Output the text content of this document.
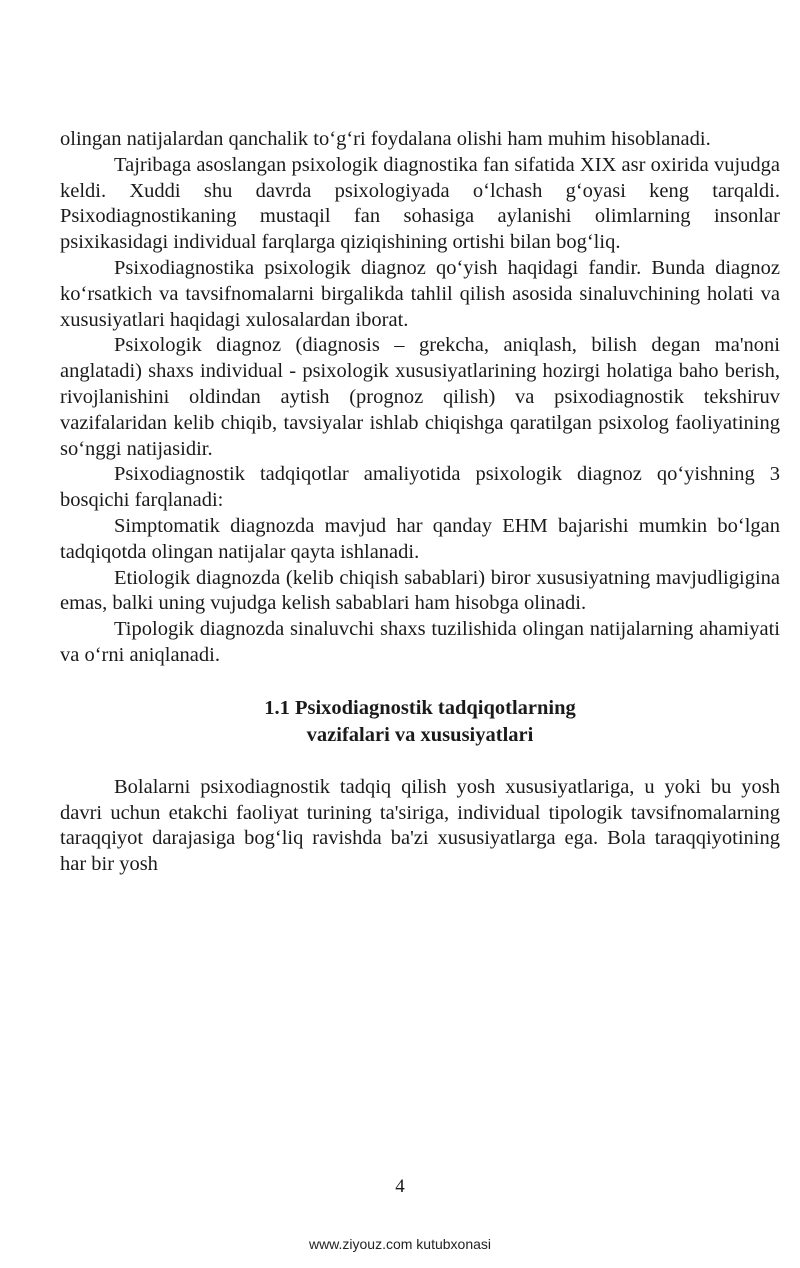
olingan natijalardan qanchalik to‘g‘ri foydalana olishi ham muhim hisoblanadi.

Tajribaga asoslangan psixologik diagnostika fan sifatida XIX asr oxirida vujudga keldi. Xuddi shu davrda psixologiyada o‘lchash g‘oyasi keng tarqaldi. Psixodiagnostikaning mustaqil fan sohasiga aylanishi olimlarning insonlar psixikasidagi individual farqlarga qiziqishining ortishi bilan bog‘liq.

Psixodiagnostika psixologik diagnoz qo‘yish haqidagi fandir. Bunda diagnoz ko‘rsatkich va tavsifnomalarni birgalikda tahlil qilish asosida sinaluvchining holati va xususiyatlari haqidagi xulosalardan iborat.

Psixologik diagnoz (diagnosis – grekcha, aniqlash, bilish degan ma'noni anglatadi) shaxs individual - psixologik xususiyatlarining hozirgi holatiga baho berish, rivojlanishini oldindan aytish (prognoz qilish) va psixodiagnostik tekshiruv vazifalaridan kelib chiqib, tavsiyalar ishlab chiqishga qaratilgan psixolog faoliyatining so‘nggi natijasidir.

Psixodiagnostik tadqiqotlar amaliyotida psixologik diagnoz qo‘yishning 3 bosqichi farqlanadi:

Simptomatik diagnozda mavjud har qanday EHM bajarishi mumkin bo‘lgan tadqiqotda olingan natijalar qayta ishlanadi.

Etiologik diagnozda (kelib chiqish sabablari) biror xususiyatning mavjudligigina emas, balki uning vujudga kelish sabablari ham hisobga olinadi.

Tipologik diagnozda sinaluvchi shaxs tuzilishida olingan natijalarning ahamiyati va o‘rni aniqlanadi.

1.1 Psixodiagnostik tadqiqotlarning
vazifalari va xususiyatlari

Bolalarni psixodiagnostik tadqiq qilish yosh xususiyatlariga, u yoki bu yosh davri uchun etakchi faoliyat turining ta'siriga, individual tipologik tavsifnomalarning taraqqiyot darajasiga bog‘liq ravishda ba'zi xususiyatlarga ega. Bola taraqqiyotining har bir yosh

4
www.ziyouz.com kutubxonasi
